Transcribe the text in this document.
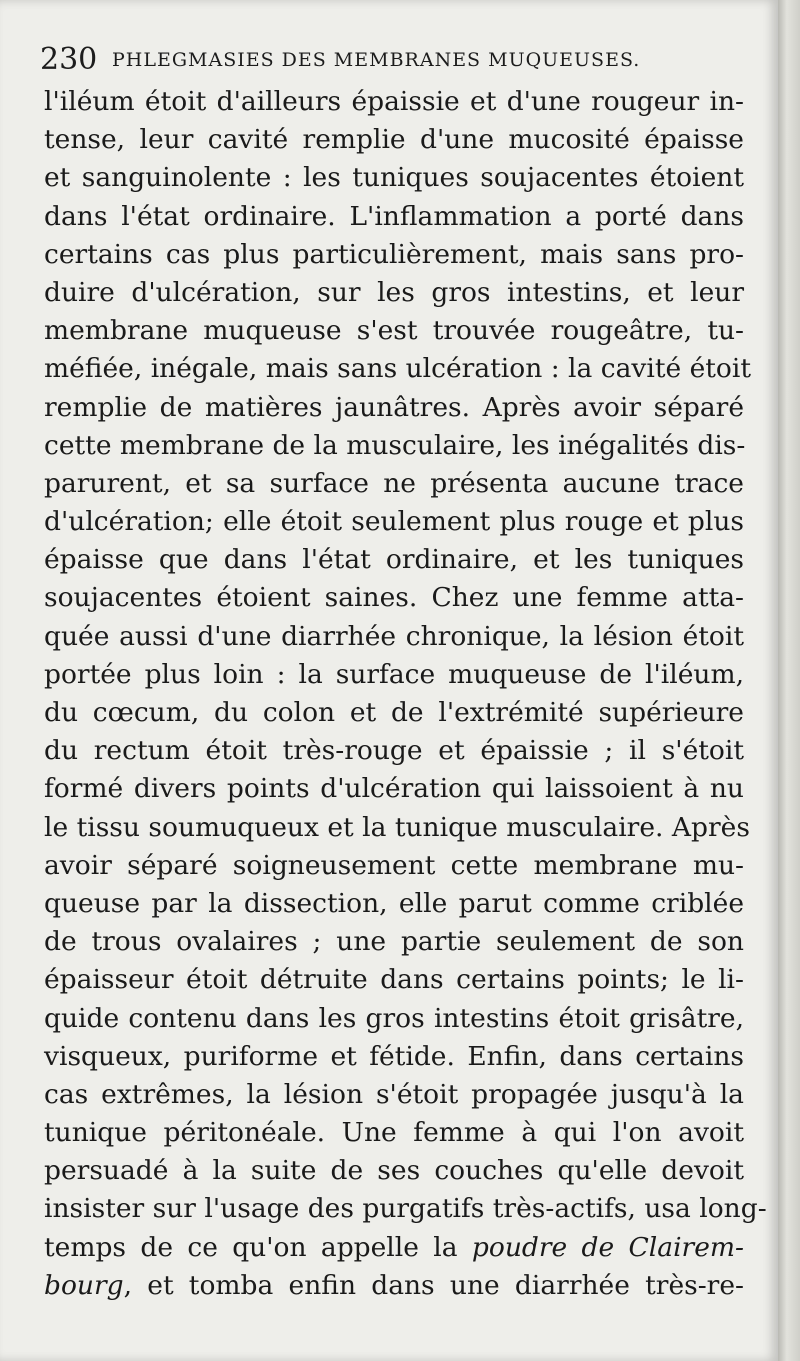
230 PHLEGMASIES DES MEMBRANES MUQUEUSES.
l'iléum étoit d'ailleurs épaissie et d'une rougeur in-
tense, leur cavité remplie d'une mucosité épaisse
et sanguinolente : les tuniques soujacentes étoient
dans l'état ordinaire. L'inflammation a porté dans
certains cas plus particulièrement, mais sans pro-
duire d'ulcération, sur les gros intestins, et leur
membrane muqueuse s'est trouvée rougeâtre, tu-
méfiée, inégale, mais sans ulcération : la cavité étoit
remplie de matières jaunâtres. Après avoir séparé
cette membrane de la musculaire, les inégalités dis-
parurent, et sa surface ne présenta aucune trace
d'ulcération; elle étoit seulement plus rouge et plus
épaisse que dans l'état ordinaire, et les tuniques
soujacentes étoient saines. Chez une femme atta-
quée aussi d'une diarrhée chronique, la lésion étoit
portée plus loin : la surface muqueuse de l'iléum,
du cœcum, du colon et de l'extrémité supérieure
du rectum étoit très-rouge et épaissie ; il s'étoit
formé divers points d'ulcération qui laissoient à nu
le tissu soumuqueux et la tunique musculaire. Après
avoir séparé soigneusement cette membrane mu-
queuse par la dissection, elle parut comme criblée
de trous ovalaires ; une partie seulement de son
épaisseur étoit détruite dans certains points; le li-
quide contenu dans les gros intestins étoit grisâtre,
visqueux, puriforme et fétide. Enfin, dans certains
cas extrêmes, la lésion s'étoit propagée jusqu'à la
tunique péritonéale. Une femme à qui l'on avoit
persuadé à la suite de ses couches qu'elle devoit
insister sur l'usage des purgatifs très-actifs, usa long-
temps de ce qu'on appelle la poudre de Clairem-
bourg, et tomba enfin dans une diarrhée très-re-
